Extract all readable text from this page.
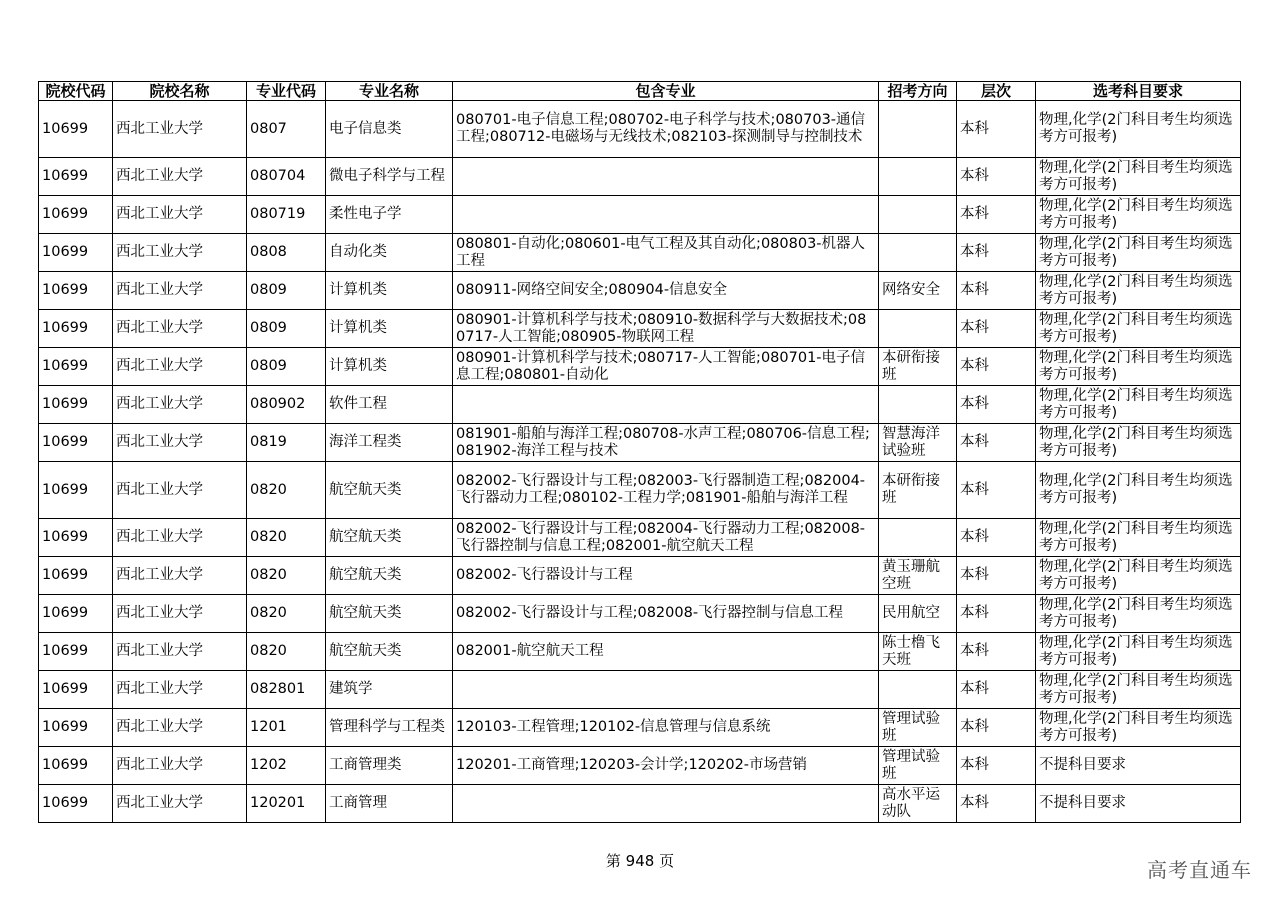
院校代码	院校名称	专业代码	专业名称	包含专业	招考方向	层次	选考科目要求
10699	西北工业大学	0807	电子信息类	080701-电子信息工程;080702-电子科学与技术;080703-通信工程;080712-电磁场与无线技术;082103-探测制导与控制技术		本科	物理,化学(2门科目考生均须选考方可报考)
10699	西北工业大学	080704	微电子科学与工程			本科	物理,化学(2门科目考生均须选考方可报考)
10699	西北工业大学	080719	柔性电子学			本科	物理,化学(2门科目考生均须选考方可报考)
10699	西北工业大学	0808	自动化类	080801-自动化;080601-电气工程及其自动化;080803-机器人工程		本科	物理,化学(2门科目考生均须选考方可报考)
10699	西北工业大学	0809	计算机类	080911-网络空间安全;080904-信息安全	网络安全	本科	物理,化学(2门科目考生均须选考方可报考)
10699	西北工业大学	0809	计算机类	080901-计算机科学与技术;080910-数据科学与大数据技术;080717-人工智能;080905-物联网工程		本科	物理,化学(2门科目考生均须选考方可报考)
10699	西北工业大学	0809	计算机类	080901-计算机科学与技术;080717-人工智能;080701-电子信息工程;080801-自动化	本研衔接班	本科	物理,化学(2门科目考生均须选考方可报考)
10699	西北工业大学	080902	软件工程			本科	物理,化学(2门科目考生均须选考方可报考)
10699	西北工业大学	0819	海洋工程类	081901-船舶与海洋工程;080708-水声工程;080706-信息工程;081902-海洋工程与技术	智慧海洋试验班	本科	物理,化学(2门科目考生均须选考方可报考)
10699	西北工业大学	0820	航空航天类	082002-飞行器设计与工程;082003-飞行器制造工程;082004-飞行器动力工程;080102-工程力学;081901-船舶与海洋工程	本研衔接班	本科	物理,化学(2门科目考生均须选考方可报考)
10699	西北工业大学	0820	航空航天类	082002-飞行器设计与工程;082004-飞行器动力工程;082008-飞行器控制与信息工程;082001-航空航天工程		本科	物理,化学(2门科目考生均须选考方可报考)
10699	西北工业大学	0820	航空航天类	082002-飞行器设计与工程	黄玉珊航空班	本科	物理,化学(2门科目考生均须选考方可报考)
10699	西北工业大学	0820	航空航天类	082002-飞行器设计与工程;082008-飞行器控制与信息工程	民用航空	本科	物理,化学(2门科目考生均须选考方可报考)
10699	西北工业大学	0820	航空航天类	082001-航空航天工程	陈士橹飞天班	本科	物理,化学(2门科目考生均须选考方可报考)
10699	西北工业大学	082801	建筑学			本科	物理,化学(2门科目考生均须选考方可报考)
10699	西北工业大学	1201	管理科学与工程类	120103-工程管理;120102-信息管理与信息系统	管理试验班	本科	物理,化学(2门科目考生均须选考方可报考)
10699	西北工业大学	1202	工商管理类	120201-工商管理;120203-会计学;120202-市场营销	管理试验班	本科	不提科目要求
10699	西北工业大学	120201	工商管理		高水平运动队	本科	不提科目要求
第 948 页	高考直通车
